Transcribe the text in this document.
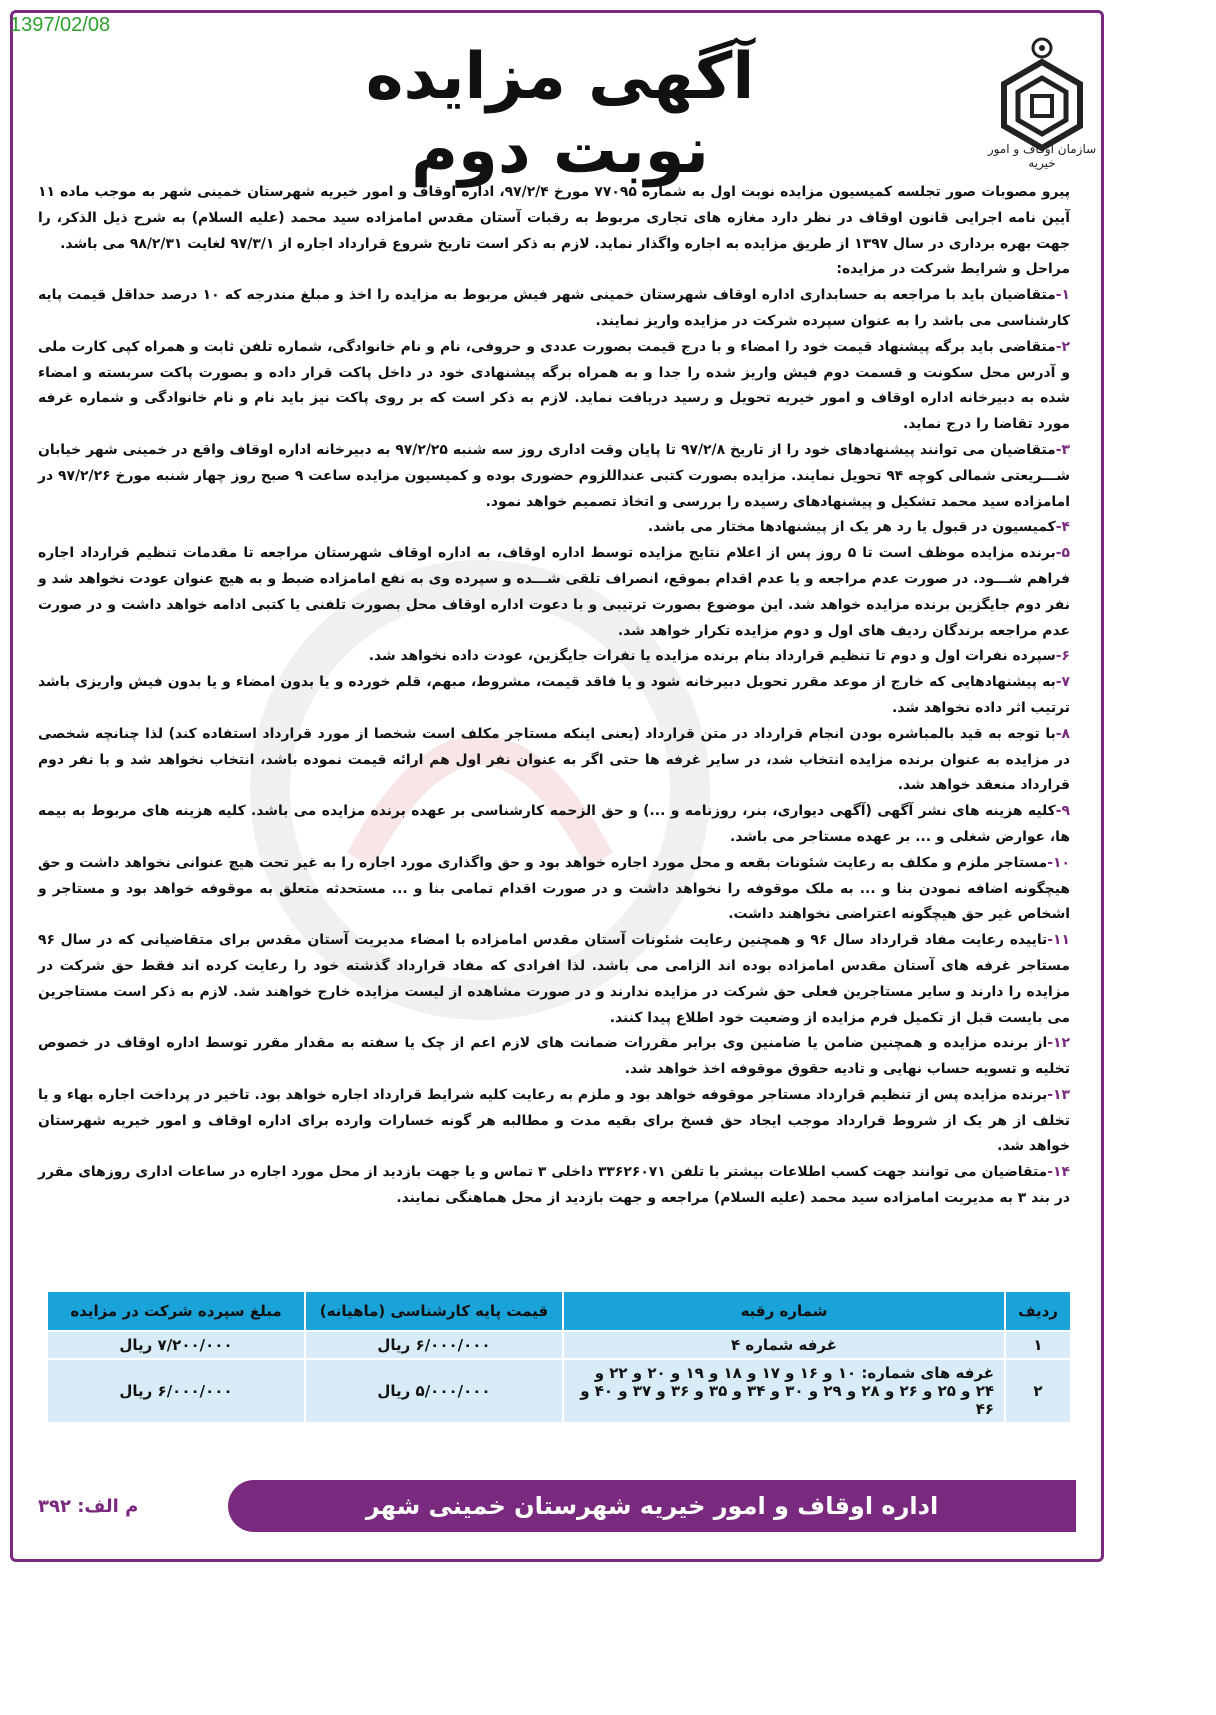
1397/02/08
آگهی مزایده نوبت دوم	سازمان اوقاف و امور خیریه

پیرو مصوبات صور تجلسه کمیسیون مزایده نوبت اول به شماره ۷۷۰۹۵ مورخ ۹۷/۲/۴، اداره اوقاف و امور خیریه شهرستان خمینی شهر به موجب ماده ۱۱ آیین نامه اجرایی قانون اوقاف در نظر دارد مغازه های تجاری مربوط به رقبات آستان مقدس امامزاده سید محمد (علیه السلام) به شرح ذیل الذکر، را جهت بهره برداری در سال ۱۳۹۷ از طریق مزایده به اجاره واگذار نماید. لازم به ذکر است تاریخ شروع قرارداد اجاره از ۹۷/۳/۱ لغایت ۹۸/۲/۳۱ می باشد.

مراحل و شرایط شرکت در مزایده:

۱-متقاضیان باید با مراجعه به حسابداری اداره اوقاف شهرستان خمینی شهر فیش مربوط به مزایده را اخذ و مبلغ مندرجه که ۱۰ درصد حداقل قیمت پایه کارشناسی می باشد را به عنوان سپرده شرکت در مزایده واریز نمایند.

۲-متقاضی باید برگه پیشنهاد قیمت خود را امضاء و با درج قیمت بصورت عددی و حروفی، نام و نام خانوادگی، شماره تلفن ثابت و همراه کپی کارت ملی و آدرس محل سکونت و قسمت دوم فیش واریز شده را جدا و به همراه برگه پیشنهادی خود در داخل پاکت قرار داده و بصورت پاکت سربسته و امضاء شده به دبیرخانه اداره اوقاف و امور خیریه تحویل و رسید دریافت نماید. لازم به ذکر است که بر روی پاکت نیز باید نام و نام خانوادگی و شماره غرفه مورد تقاضا را درج نماید.

۳-متقاضیان می توانند پیشنهادهای خود را از تاریخ ۹۷/۲/۸ تا پایان وقت اداری روز سه شنبه ۹۷/۲/۲۵ به دبیرخانه اداره اوقاف واقع در خمینی شهر خیابان شـــریعتی شمالی کوچه ۹۴ تحویل نمایند. مزایده بصورت کتبی عنداللزوم حضوری بوده و کمیسیون مزایده ساعت ۹ صبح روز چهار شنبه مورخ ۹۷/۲/۲۶ در امامزاده سید محمد تشکیل و پیشنهادهای رسیده را بررسی و اتخاذ تصمیم خواهد نمود.

۴-کمیسیون در قبول یا رد هر یک از پیشنهادها مختار می باشد.

۵-برنده مزایده موظف است تا ۵ روز پس از اعلام نتایج مزایده توسط اداره اوقاف، به اداره اوقاف شهرستان مراجعه تا مقدمات تنظیم قرارداد اجاره فراهم شـــود. در صورت عدم مراجعه و یا عدم اقدام بموقع، انصراف تلقی شـــده و سپرده وی به نفع امامزاده ضبط و به هیچ عنوان عودت نخواهد شد و نفر دوم جایگزین برنده مزایده خواهد شد. این موضوع بصورت ترتیبی و با دعوت اداره اوقاف محل بصورت تلفنی یا کتبی ادامه خواهد داشت و در صورت عدم مراجعه برندگان ردیف های اول و دوم مزایده تکرار خواهد شد.

۶-سپرده نفرات اول و دوم تا تنظیم قرارداد بنام برنده مزایده یا نفرات جایگزین، عودت داده نخواهد شد.

۷-به پیشنهادهایی که خارج از موعد مقرر تحویل دبیرخانه شود و یا فاقد قیمت، مشروط، مبهم، قلم خورده و یا بدون امضاء و یا بدون فیش واریزی باشد ترتیب اثر داده نخواهد شد.

۸-با توجه به قید بالمباشره بودن انجام قرارداد در متن قرارداد (یعنی اینکه مستاجر مکلف است شخصا از مورد قرارداد استفاده کند) لذا چنانچه شخصی در مزایده به عنوان برنده مزایده انتخاب شد، در سایر غرفه ها حتی اگر به عنوان نفر اول هم ارائه قیمت نموده باشد، انتخاب نخواهد شد و با نفر دوم قرارداد منعقد خواهد شد.

۹-کلیه هزینه های نشر آگهی (آگهی دیواری، بنر، روزنامه و ...) و حق الزحمه کارشناسی بر عهده برنده مزایده می باشد. کلیه هزینه های مربوط به بیمه ها، عوارض شغلی و ... بر عهده مستاجر می باشد.

۱۰-مستاجر ملزم و مکلف به رعایت شئونات بقعه و محل مورد اجاره خواهد بود و حق واگذاری مورد اجاره را به غیر تحت هیچ عنوانی نخواهد داشت و حق هیچگونه اضافه نمودن بنا و ... به ملک موقوفه را نخواهد داشت و در صورت اقدام تمامی بنا و ... مستحدثه متعلق به موقوفه خواهد بود و مستاجر و اشخاص غیر حق هیچگونه اعتراضی نخواهند داشت.

۱۱-تاییده رعایت مفاد قرارداد سال ۹۶ و همچنین رعایت شئونات آستان مقدس امامزاده با امضاء مدیریت آستان مقدس برای متقاضیانی که در سال ۹۶ مستاجر غرفه های آستان مقدس امامزاده بوده اند الزامی می باشد. لذا افرادی که مفاد قرارداد گذشته خود را رعایت کرده اند فقط حق شرکت در مزایده را دارند و سایر مستاجرین فعلی حق شرکت در مزایده ندارند و در صورت مشاهده از لیست مزایده خارج خواهند شد. لازم به ذکر است مستاجرین می بایست قبل از تکمیل فرم مزایده از وضعیت خود اطلاع پیدا کنند.

۱۲-از برنده مزایده و همچنین ضامن یا ضامنین وی برابر مقررات ضمانت های لازم اعم از چک یا سفته به مقدار مقرر توسط اداره اوقاف در خصوص تخلیه و تسویه حساب نهایی و تادیه حقوق موقوفه اخذ خواهد شد.

۱۳-برنده مزایده پس از تنظیم قرارداد مستاجر موقوفه خواهد بود و ملزم به رعایت کلیه شرایط قرارداد اجاره خواهد بود. تاخیر در پرداخت اجاره بهاء و یا تخلف از هر یک از شروط قرارداد موجب ایجاد حق فسخ برای بقیه مدت و مطالبه هر گونه خسارات وارده برای اداره اوقاف و امور خیریه شهرستان خواهد شد.

۱۴-متقاضیان می توانند جهت کسب اطلاعات بیشتر با تلفن ۳۳۶۲۶۰۷۱ داخلی ۳ تماس و یا جهت بازدید از محل مورد اجاره در ساعات اداری روزهای مقرر در بند ۳ به مدیریت امامزاده سید محمد (علیه السلام) مراجعه و جهت بازدید از محل هماهنگی نمایند.

ردیف	شماره رقبه	قیمت پایه کارشناسی (ماهیانه)	مبلغ سپرده شرکت در مزایده
۱	غرفه شماره ۴	۶/۰۰۰/۰۰۰ ریال	۷/۲۰۰/۰۰۰ ریال
۲	غرفه های شماره: ۱۰ و ۱۶ و ۱۷ و ۱۸ و ۱۹ و ۲۰ و ۲۲ و ۲۴ و ۲۵ و ۲۶ و ۲۸ و ۲۹ و ۳۰ و ۳۴ و ۳۵ و ۳۶ و ۳۷ و ۴۰ و ۴۶	۵/۰۰۰/۰۰۰ ریال	۶/۰۰۰/۰۰۰ ریال
اداره اوقاف و امور خیریه شهرستان خمینی شهر
م الف: ۳۹۲
